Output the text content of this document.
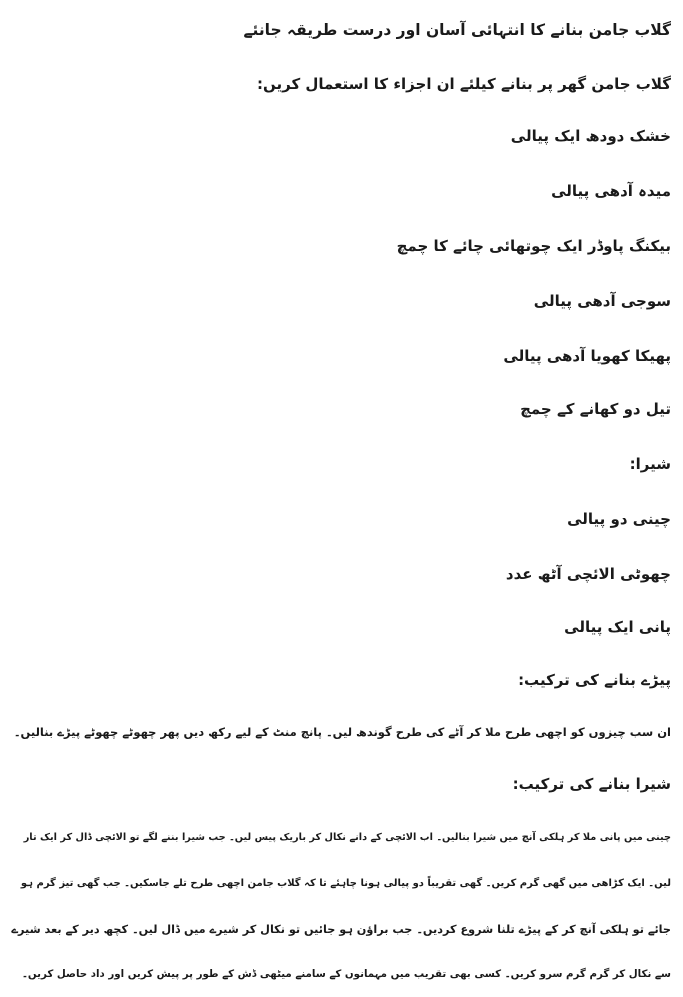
گلاب جامن بنانے کا انتہائی آسان اور درست طریقہ جانئے
گلاب جامن گھر پر بنانے کیلئے ان اجزاء کا استعمال کریں:
خشک دودھ ایک پیالی
میدہ آدھی پیالی
بیکنگ پاوڈر ایک چوتھائی چائے کا چمچ
سوجی آدھی پیالی
پھیکا کھویا آدھی پیالی
تیل دو کھانے کے چمچ
شیرا:
چینی دو پیالی
چھوٹی الائچی آٹھ عدد
پانی ایک پیالی
پیڑے بنانے کی ترکیب:
ان سب چیزوں کو اچھی طرح ملا کر آٹے کی طرح گوندھ لیں۔ پانچ منٹ کے لیے رکھ دیں پھر چھوٹے چھوٹے پیڑے بنالیں۔
شیرا بنانے کی ترکیب:
چینی میں پانی ملا کر ہلکی آنچ میں شیرا بنالیں۔ اب الائچی کے دانے نکال کر باریک پیس لیں۔ جب شیرا بننے لگے تو الائچی ڈال کر ایک تار
لیں۔ ایک کڑاھی میں گھی گرم کریں۔ گھی تقریباً دو پیالی ہونا چاہئے تا کہ گلاب جامن اچھی طرح تلے جاسکیں۔ جب گھی تیز گرم ہو
جائے تو ہلکی آنچ کر کے پیڑے تلنا شروع کردیں۔ جب براؤن ہو جائیں تو نکال کر شیرے میں ڈال لیں۔ کچھ دیر کے بعد شیرے
سے نکال کر گرم گرم سرو کریں۔ کسی بھی تقریب میں مہمانوں کے سامنے میٹھی ڈش کے طور پر پیش کریں اور داد حاصل کریں۔
